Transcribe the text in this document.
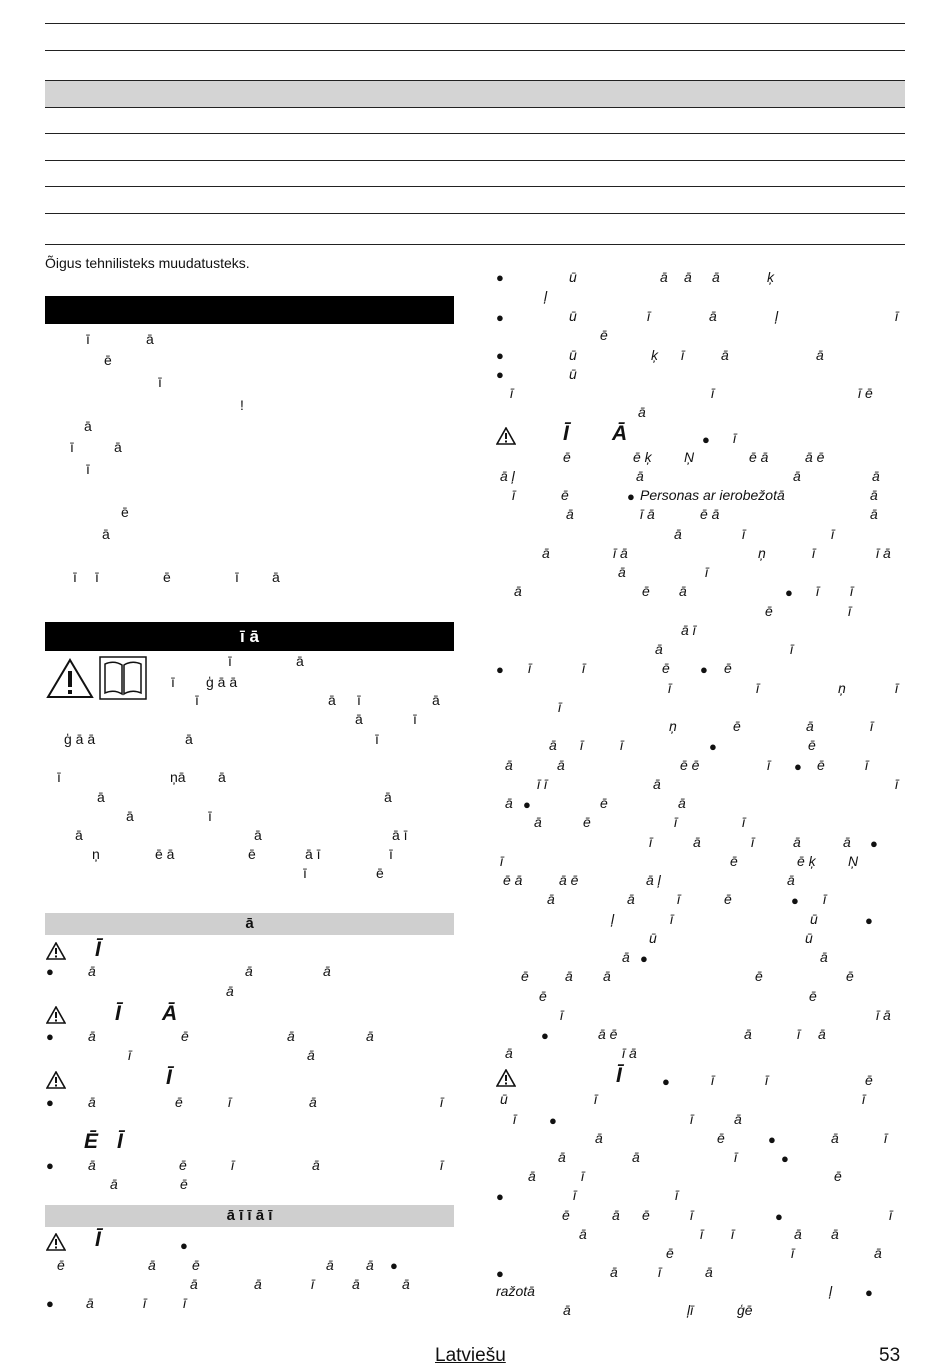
Õigus tehnilisteks muudatusteks.
ī	ā
ē
ī
!
ā
ī	ā
ī
ē
ā
ī ī	ē	ī ā
ī ā
ī	ā
ī ģ ā ā
ī	ā ī	ā
ā	ī
ģ ā ā	ā	ī
ī	ņā ā
ā	ā
ā	ī
ā	ā	ā ī
ņ	ē ā	ē	ā ī	ī
ī	ē
ā
Ī
● ā	ā	ā
ā
Ī Ā
● ā	ē	ā	ā
ī	ā
Ī
● ā	ē	ī	ā	ī
Ē Ī
● ā	ē	ī	ā	ī
ā	ē
ā ī ī ā ī
Ī	●
ē	ā	ē	ā ā ●
ā	ā	ī	ā	ā
● ā	ī	ī
●	ū	ā ā ā	ķ
ļ
●	ū	ī	ā	ļ	ī
ē
●	ū	ķ ī	ā	ā
●	ū
ī	ī	ī ē
ā
Ī Ā	● ī
ē	ē ķ Ņ	ē ā	ā ē
ā ļ	ā	ā	ā
ī	ē	● Personas ar ierobežotā	ā
ā	ī ā	ē ā	ā
ā	ī	ī
ā	ī ā	ņ	ī	ī ā
ā	ī
ā	ē ā	● ī ī
ē	ī
ā ī
ā	ī
● ī	ī	ē ● ē
ī	ī	ņ	ī
ī
ņ	ē	ā	ī
ā ī	ī	●	ē
ā	ā	ē ē	ī ● ē	ī
ī ī	ā	ī
ā ●	ē	ā
ā	ē	ī	ī
ī	ā	ī	ā	ā ●
ī	ē	ē ķ Ņ
ē ā	ā ē	ā ļ	ā
ā	ā	ī	ē	● ī
ļ	ī	ū	●
ū	ū
ā ●	ā
ē	ā ā	ē	ē
ē	ē
ī	ī ā
●	ā ē	ā	ī ā
ā	ī ā
Ī	●	ī	ī	ē
ū	ī	ī
ī	●	ī	ā
ā	ē	●	ā	ī
ā	ā	ī	●
ā	ī	ē
●	ī	ī
ē	ā ē	ī	●	ī
ā	ī ī	ā ā
ē	ī	ā
●	ā	ī	ā
ražotā	ļ	●
ā	ļī	ģē
Latviešu	53
